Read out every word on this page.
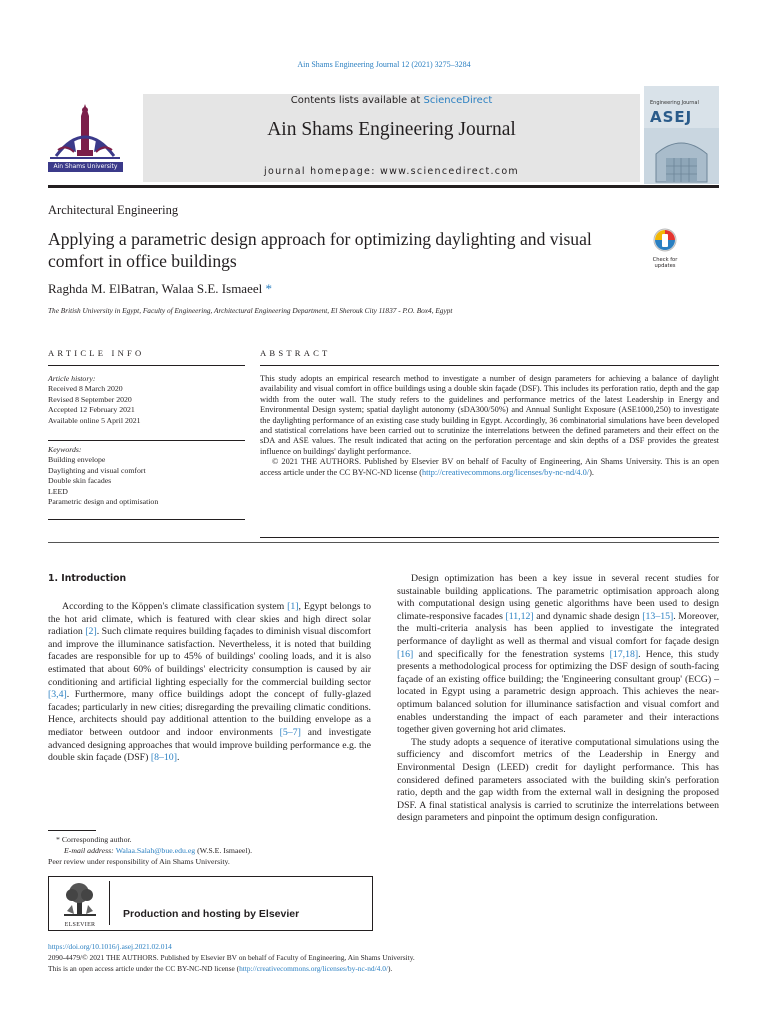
Ain Shams Engineering Journal 12 (2021) 3275–3284
Ain Shams University
Contents lists available at ScienceDirect
Ain Shams Engineering Journal
journal homepage: www.sciencedirect.com
Engineering Journal
ASEJ
Architectural Engineering
Applying a parametric design approach for optimizing daylighting and visual comfort in office buildings	Check for updates
Raghda M. ElBatran, Walaa S.E. Ismaeel *
The British University in Egypt, Faculty of Engineering, Architectural Engineering Department, El Sherouk City 11837 - P.O. Box4, Egypt
ARTICLE INFO	ABSTRACT
Article history:
Received 8 March 2020
Revised 8 September 2020
Accepted 12 February 2021
Available online 5 April 2021
Keywords:
Building envelope
Daylighting and visual comfort
Double skin facades
LEED
Parametric design and optimisation

This study adopts an empirical research method to investigate a number of design parameters for achieving a balance of daylight availability and visual comfort in office buildings using a double skin façade (DSF). This includes its perforation ratio, depth and the gap width from the outer wall. The study refers to the guidelines and performance metrics of the latest Leadership in Energy and Environmental Design system; spatial daylight autonomy (sDA300/50%) and Annual Sunlight Exposure (ASE1000,250) to investigate the daylighting performance of an existing case study building in Egypt. Accordingly, 36 combinatorial simulations have been developed and statistical correlations have been carried out to scrutinize the interrelations between the defined parameters and their effect on the sDA and ASE values. The result indicated that acting on the perforation percentage and skin depths of a DSF provides the greatest influence on buildings' daylight performance.

© 2021 THE AUTHORS. Published by Elsevier BV on behalf of Faculty of Engineering, Ain Shams University. This is an open access article under the CC BY-NC-ND license (http://creativecommons.org/licenses/by-nc-nd/4.0/).

1. Introduction

According to the Köppen's climate classification system [1], Egypt belongs to the hot arid climate, which is featured with clear skies and high direct solar radiation [2]. Such climate requires building façades to diminish visual discomfort and improve the illuminance satisfaction. Nevertheless, it is noted that building facades are responsible for up to 45% of buildings' cooling loads, and it is also estimated that about 60% of buildings' electricity consumption is caused by air conditioning and artificial lighting especially for the commercial building sector [3,4]. Furthermore, many office buildings adopt the concept of fully-glazed facades; particularly in new cities; disregarding the prevailing climatic conditions. Hence, architects should pay additional attention to the building envelope as a mediator between outdoor and indoor environments [5–7] and investigate advanced designing approaches that would improve building performance e.g. the double skin façade (DSF) [8–10].

Design optimization has been a key issue in several recent studies for sustainable building applications. The parametric optimisation approach along with computational design using genetic algorithms have been used to design climate-responsive facades [11,12] and dynamic shade design [13–15]. Moreover, the multi-criteria analysis has been applied to investigate the integrated performance of daylight as well as thermal and visual comfort for façade design [16] and specifically for the fenestration systems [17,18]. Hence, this study presents a methodological process for optimizing the DSF design of south-facing façade of an existing office building; the 'Engineering consultant group' (ECG) – located in Egypt using a parametric design approach. This achieves the near-optimum balanced solution for illuminance satisfaction and visual comfort and enables understanding the impact of each parameter and their interactions together given governing hot arid climates.

The study adopts a sequence of iterative computational simulations using the sufficiency and discomfort metrics of the Leadership in Energy and Environmental Design (LEED) credit for daylight performance. This has considered defined parameters associated with the building skin's perforation ratio, depth and the gap width from the external wall in designing the proposed DSF. A final statistical analysis is carried to scrutinize the interrelations between design parameters and pinpoint the optimum design configuration.

* Corresponding author.

E-mail address: Walaa.Salah@bue.edu.eg (W.S.E. Ismaeel).

Peer review under responsibility of Ain Shams University.

ELSEVIER
Production and hosting by Elsevier

https://doi.org/10.1016/j.asej.2021.02.014

2090-4479/© 2021 THE AUTHORS. Published by Elsevier BV on behalf of Faculty of Engineering, Ain Shams University.

This is an open access article under the CC BY-NC-ND license (http://creativecommons.org/licenses/by-nc-nd/4.0/).
